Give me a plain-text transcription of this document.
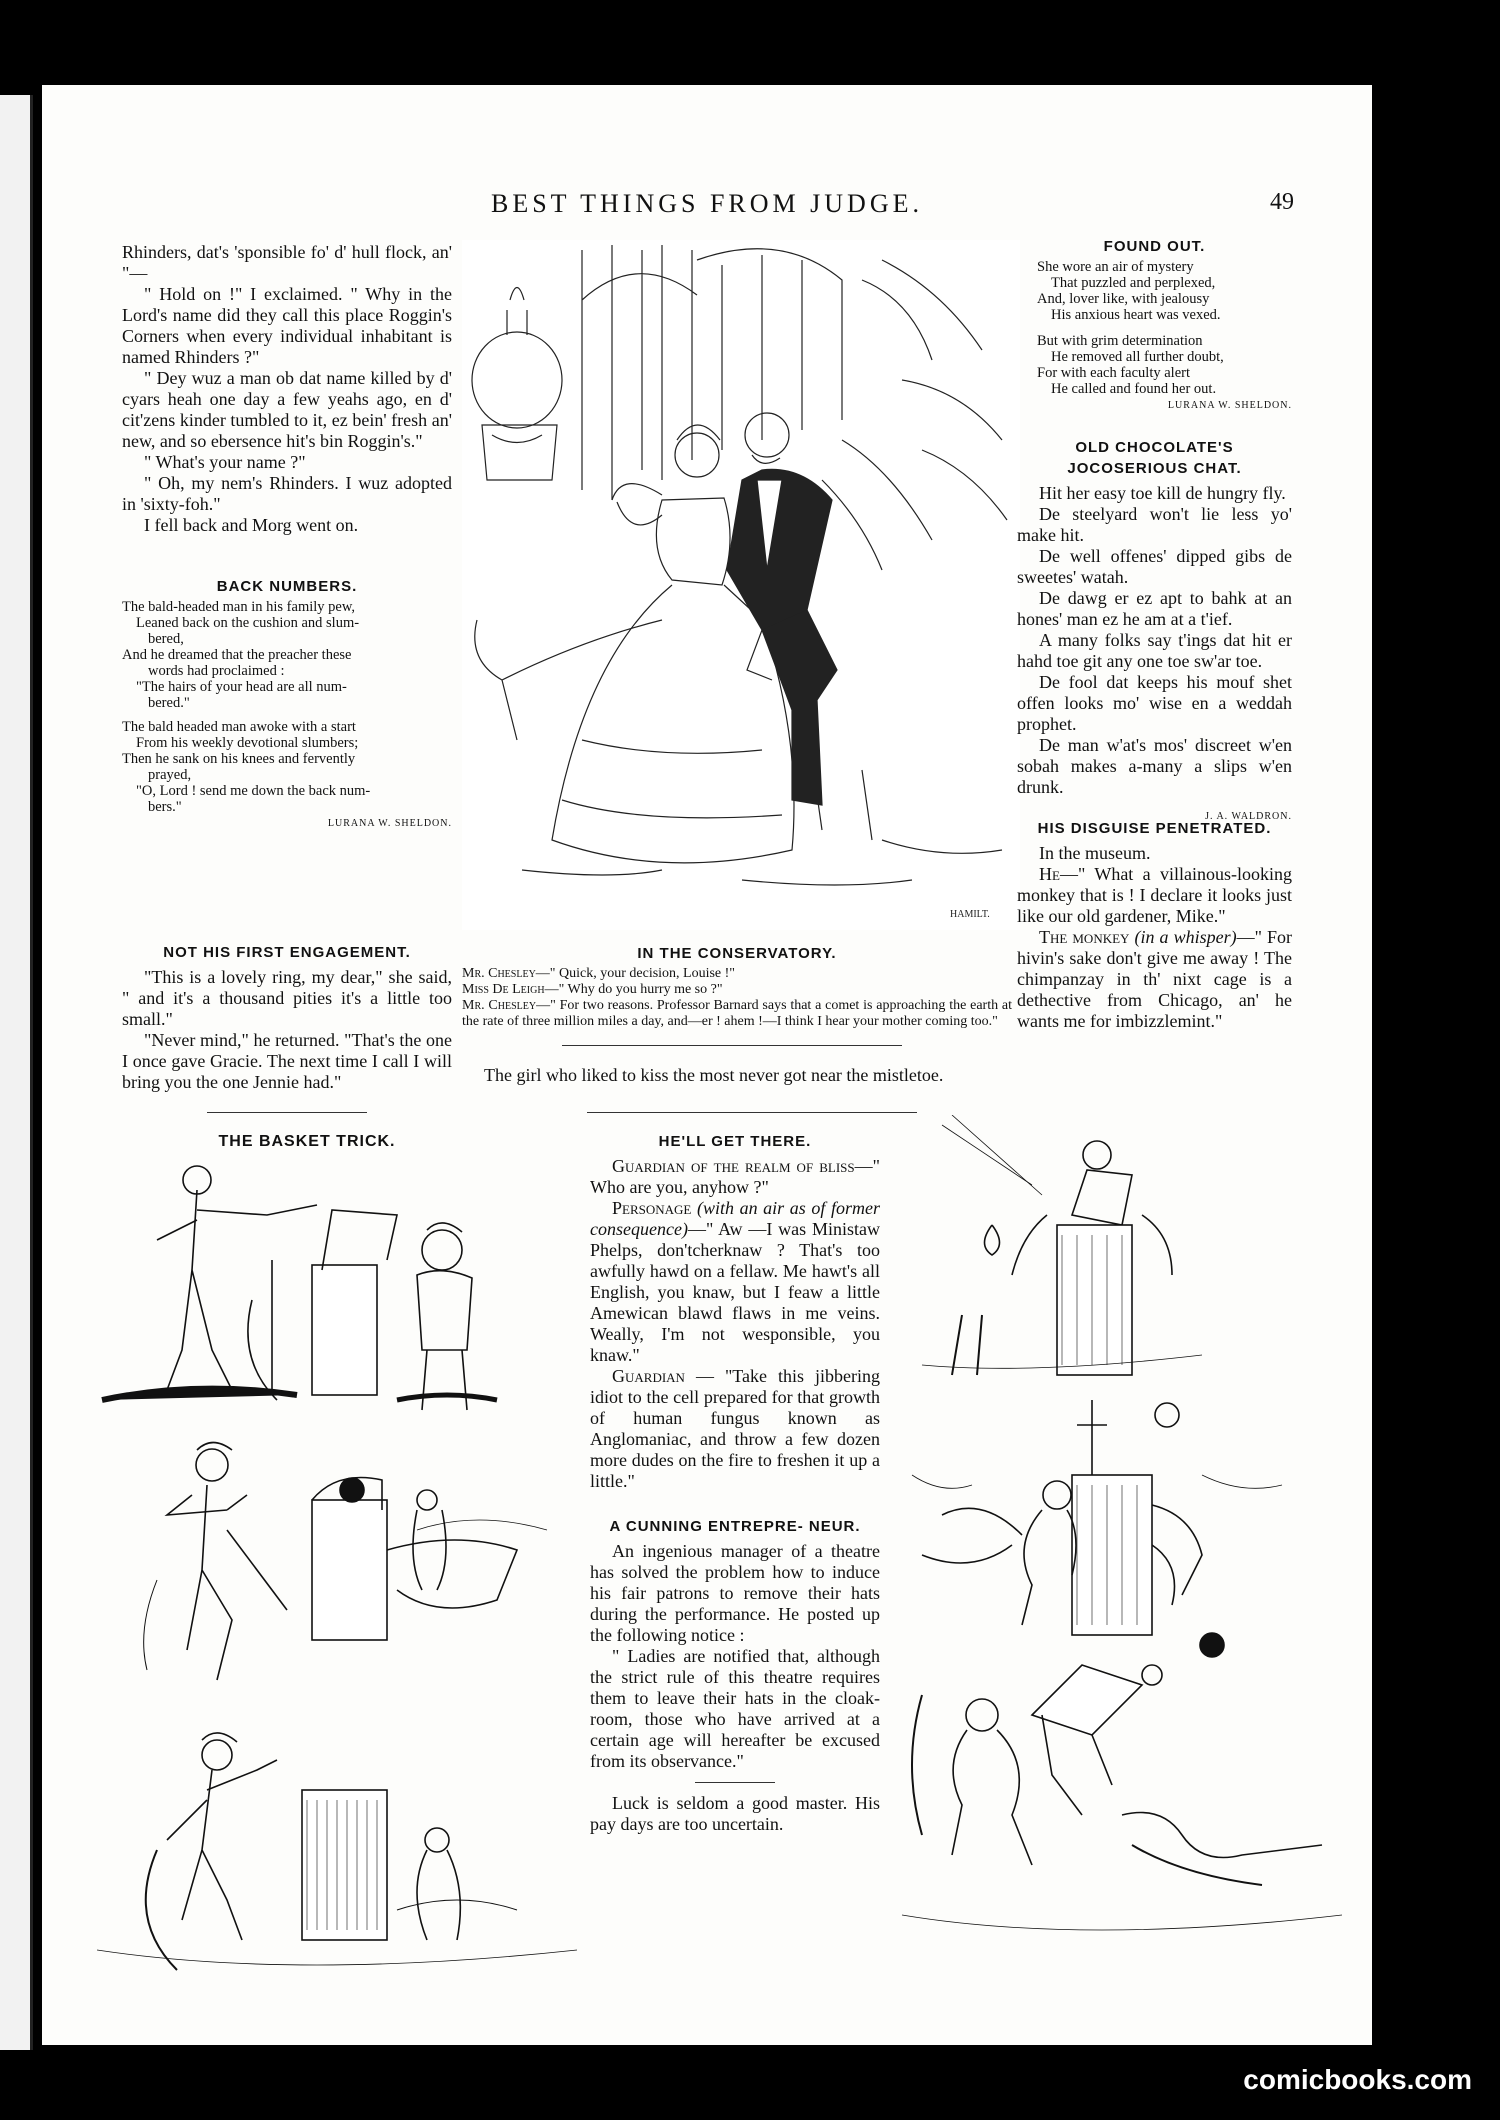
BEST THINGS FROM JUDGE.	49

Rhinders, dat's 'sponsible fo' d' hull flock, an' "—

" Hold on !" I exclaimed. " Why in the Lord's name did they call this place Roggin's Corners when every individual inhabitant is named Rhinders ?"

" Dey wuz a man ob dat name killed by d' cyars heah one day a few yeahs ago, en d' cit'zens kinder tumbled to it, ez bein' fresh an' new, and so ebersence hit's bin Roggin's."

" What's your name ?"

" Oh, my nem's Rhinders. I wuz adopted in 'sixty-foh."

I fell back and Morg went on.

BACK NUMBERS.
The bald-headed man in his family pew,
Leaned back on the cushion and slum-
bered,
And he dreamed that the preacher these
words had proclaimed :
"The hairs of your head are all num-
bered."
The bald headed man awoke with a start
From his weekly devotional slumbers;
Then he sank on his knees and fervently
prayed,
"O, Lord ! send me down the back num-
bers."
LURANA W. SHELDON.
HAMILT.
FOUND OUT.
She wore an air of mystery
That puzzled and perplexed,
And, lover like, with jealousy
His anxious heart was vexed.
But with grim determination
He removed all further doubt,
For with each faculty alert
He called and found her out.
LURANA W. SHELDON.
OLD CHOCOLATE'S JOCOSERIOUS CHAT.

Hit her easy toe kill de hungry fly.

De steelyard won't lie less yo' make hit.

De well offenes' dipped gibs de sweetes' watah.

De dawg er ez apt to bahk at an hones' man ez he am at a t'ief.

A many folks say t'ings dat hit er hahd toe git any one toe sw'ar toe.

De fool dat keeps his mouf shet offen looks mo' wise en a weddah prophet.

De man w'at's mos' discreet w'en sobah makes a-many a slips w'en drunk.

J. A. WALDRON.
HIS DISGUISE PENETRATED.

In the museum.

He—" What a villainous-looking monkey that is ! I declare it looks just like our old gardener, Mike."

The monkey (in a whisper)—" For hivin's sake don't give me away ! The chimpanzay in th' nixt cage is a dethective from Chicago, an' he wants me for imbizzlemint."

NOT HIS FIRST ENGAGEMENT.

"This is a lovely ring, my dear," she said, " and it's a thousand pities it's a little too small."

"Never mind," he returned. "That's the one I once gave Gracie. The next time I call I will bring you the one Jennie had."

IN THE CONSERVATORY.
Mr. Chesley—" Quick, your decision, Louise !"
Miss De Leigh—" Why do you hurry me so ?"
Mr. Chesley—" For two reasons. Professor Barnard says that a comet is approaching the earth at the rate of three million miles a day, and—er ! ahem !—I think I hear your mother coming too."

The girl who liked to kiss the most never got near the mistletoe.

THE BASKET TRICK.	HE'LL GET THERE.

Guardian of the realm of bliss—" Who are you, anyhow ?"

Personage (with an air as of former consequence)—" Aw —I was Ministaw Phelps, don'tcherknaw ? That's too awfully hawd on a fellaw. Me hawt's all English, you knaw, but I feaw a little Amewican blawd flaws in me veins. Weally, I'm not wesponsible, you knaw."

Guardian — "Take this jibbering idiot to the cell prepared for that growth of human fungus known as Anglomaniac, and throw a few dozen more dudes on the fire to freshen it up a little."

A CUNNING ENTREPRE- NEUR.

An ingenious manager of a theatre has solved the problem how to induce his fair patrons to remove their hats during the performance. He posted up the following notice :

" Ladies are notified that, although the strict rule of this theatre requires them to leave their hats in the cloak-room, those who have arrived at a certain age will hereafter be excused from its observance."

Luck is seldom a good master. His pay days are too uncertain.

comicbooks.com
